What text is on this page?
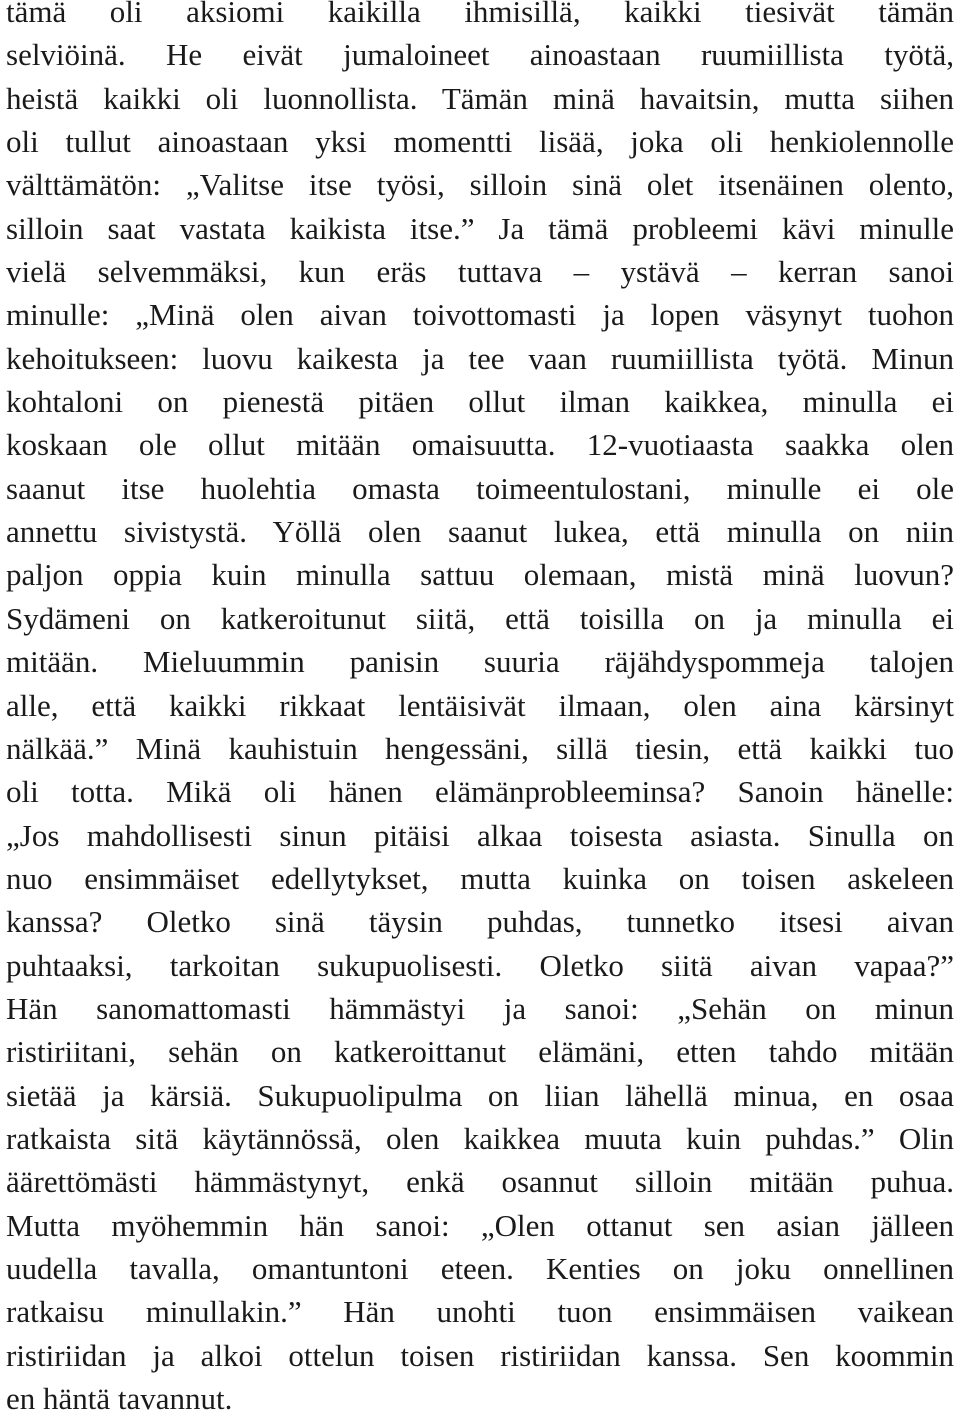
tämä oli aksiomi kaikilla ihmisillä, kaikki tiesivät tämän
selviöinä. He eivät jumaloineet ainoastaan ruumiillista työtä,
heistä kaikki oli luonnollista. Tämän minä havaitsin, mutta siihen
oli tullut ainoastaan yksi momentti lisää, joka oli henkiolennolle
välttämätön: „Valitse itse työsi, silloin sinä olet itsenäinen olento,
silloin saat vastata kaikista itse.” Ja tämä probleemi kävi minulle
vielä selvemmäksi, kun eräs tuttava – ystävä – kerran sanoi
minulle: „Minä olen aivan toivottomasti ja lopen väsynyt tuohon
kehoitukseen: luovu kaikesta ja tee vaan ruumiillista työtä. Minun
kohtaloni on pienestä pitäen ollut ilman kaikkea, minulla ei
koskaan ole ollut mitään omaisuutta. 12-vuotiaasta saakka olen
saanut itse huolehtia omasta toimeentulostani, minulle ei ole
annettu sivistystä. Yöllä olen saanut lukea, että minulla on niin
paljon oppia kuin minulla sattuu olemaan, mistä minä luovun?
Sydämeni on katkeroitunut siitä, että toisilla on ja minulla ei
mitään. Mieluummin panisin suuria räjähdyspommeja talojen
alle, että kaikki rikkaat lentäisivät ilmaan, olen aina kärsinyt
nälkää.” Minä kauhistuin hengessäni, sillä tiesin, että kaikki tuo
oli totta. Mikä oli hänen elämänprobleeminsa? Sanoin hänelle:
„Jos mahdollisesti sinun pitäisi alkaa toisesta asiasta. Sinulla on
nuo ensimmäiset edellytykset, mutta kuinka on toisen askeleen
kanssa? Oletko sinä täysin puhdas, tunnetko itsesi aivan
puhtaaksi, tarkoitan sukupuolisesti. Oletko siitä aivan vapaa?”
Hän sanomattomasti hämmästyi ja sanoi: „Sehän on minun
ristiriitani, sehän on katkeroittanut elämäni, etten tahdo mitään
sietää ja kärsiä. Sukupuolipulma on liian lähellä minua, en osaa
ratkaista sitä käytännössä, olen kaikkea muuta kuin puhdas.” Olin
äärettömästi hämmästynyt, enkä osannut silloin mitään puhua.
Mutta myöhemmin hän sanoi: „Olen ottanut sen asian jälleen
uudella tavalla, omantuntoni eteen. Kenties on joku onnellinen
ratkaisu minullakin.” Hän unohti tuon ensimmäisen vaikean
ristiriidan ja alkoi ottelun toisen ristiriidan kanssa. Sen koommin
en häntä tavannut.
